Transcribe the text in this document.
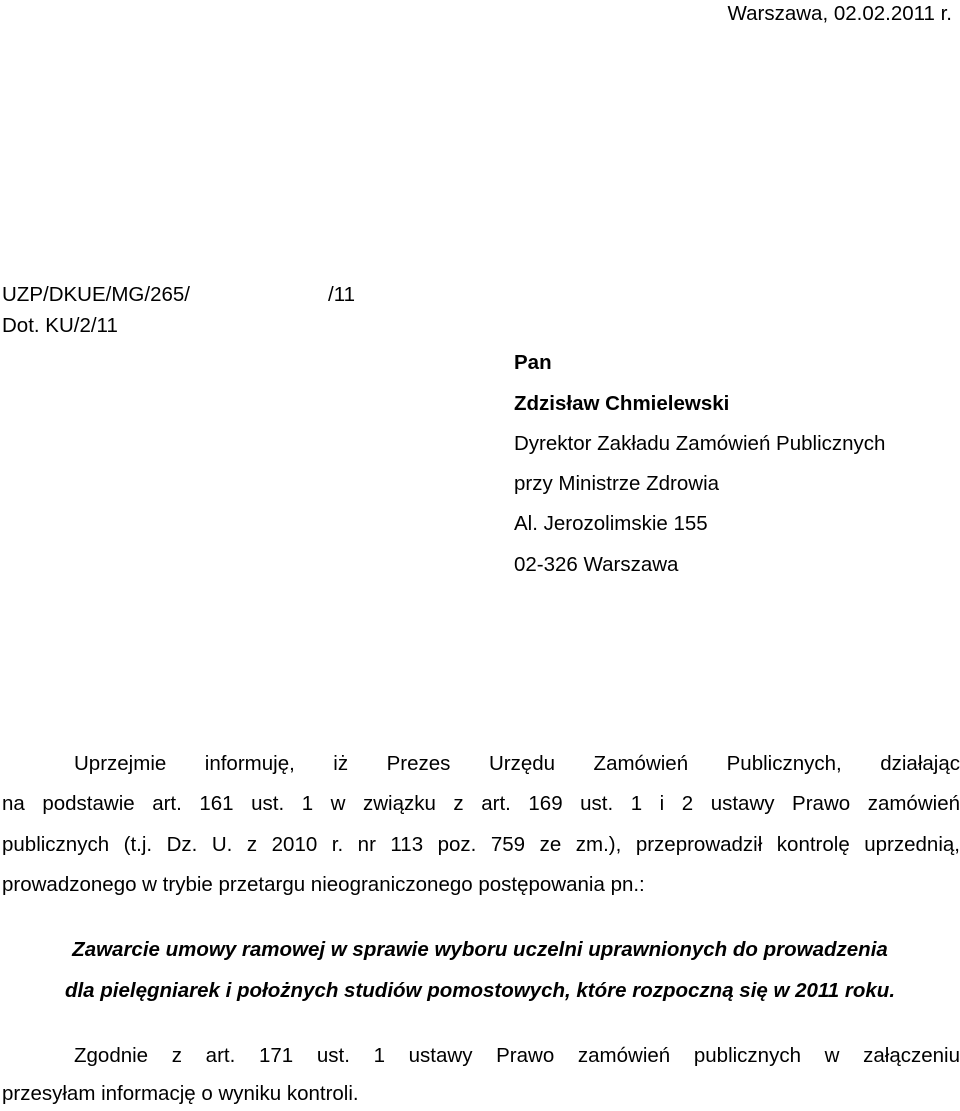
Warszawa, 02.02.2011 r.
UZP/DKUE/MG/265/	/11
Dot. KU/2/11
Pan
Zdzisław Chmielewski
Dyrektor Zakładu Zamówień Publicznych
przy Ministrze Zdrowia
Al. Jerozolimskie 155
02-326 Warszawa
Uprzejmie informuję, iż Prezes Urzędu Zamówień Publicznych, działając
na podstawie art. 161 ust. 1 w związku z art. 169 ust. 1 i 2 ustawy Prawo zamówień
publicznych (t.j. Dz. U. z 2010 r. nr 113 poz. 759 ze zm.), przeprowadził kontrolę uprzednią,
prowadzonego w trybie przetargu nieograniczonego postępowania pn.:
Zawarcie umowy ramowej w sprawie wyboru uczelni uprawnionych do prowadzenia
dla pielęgniarek i położnych studiów pomostowych, które rozpoczną się w 2011 roku.
Zgodnie z art. 171 ust. 1 ustawy Prawo zamówień publicznych w załączeniu
przesyłam informację o wyniku kontroli.
